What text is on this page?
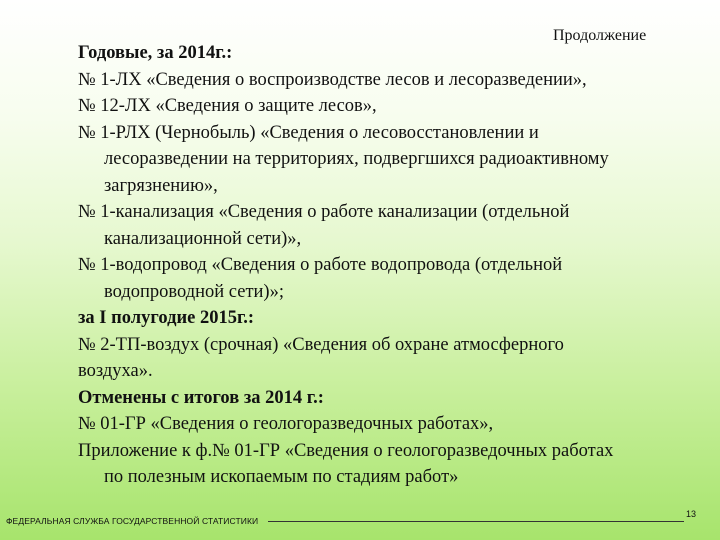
Продолжение
Годовые, за 2014г.:
№ 1-ЛХ «Сведения о воспроизводстве лесов и лесоразведении»,
№ 12-ЛХ «Сведения о защите лесов»,
№ 1-РЛХ (Чернобыль) «Сведения о лесовосстановлении и
лесоразведении на территориях, подвергшихся радиоактивному
загрязнению»,
№ 1-канализация «Сведения о работе канализации (отдельной
канализационной сети)»,
№ 1-водопровод «Сведения о работе водопровода (отдельной
водопроводной сети)»;
за I полугодие 2015г.:
№ 2-ТП-воздух (срочная) «Сведения об охране атмосферного
воздуха».
Отменены с итогов за 2014 г.:
№ 01-ГР «Сведения о геологоразведочных работах»,
Приложение к ф.№ 01-ГР «Сведения о геологоразведочных работах
по полезным ископаемым по стадиям работ»
ФЕДЕРАЛЬНАЯ СЛУЖБА ГОСУДАРСТВЕННОЙ СТАТИСТИКИ
13
